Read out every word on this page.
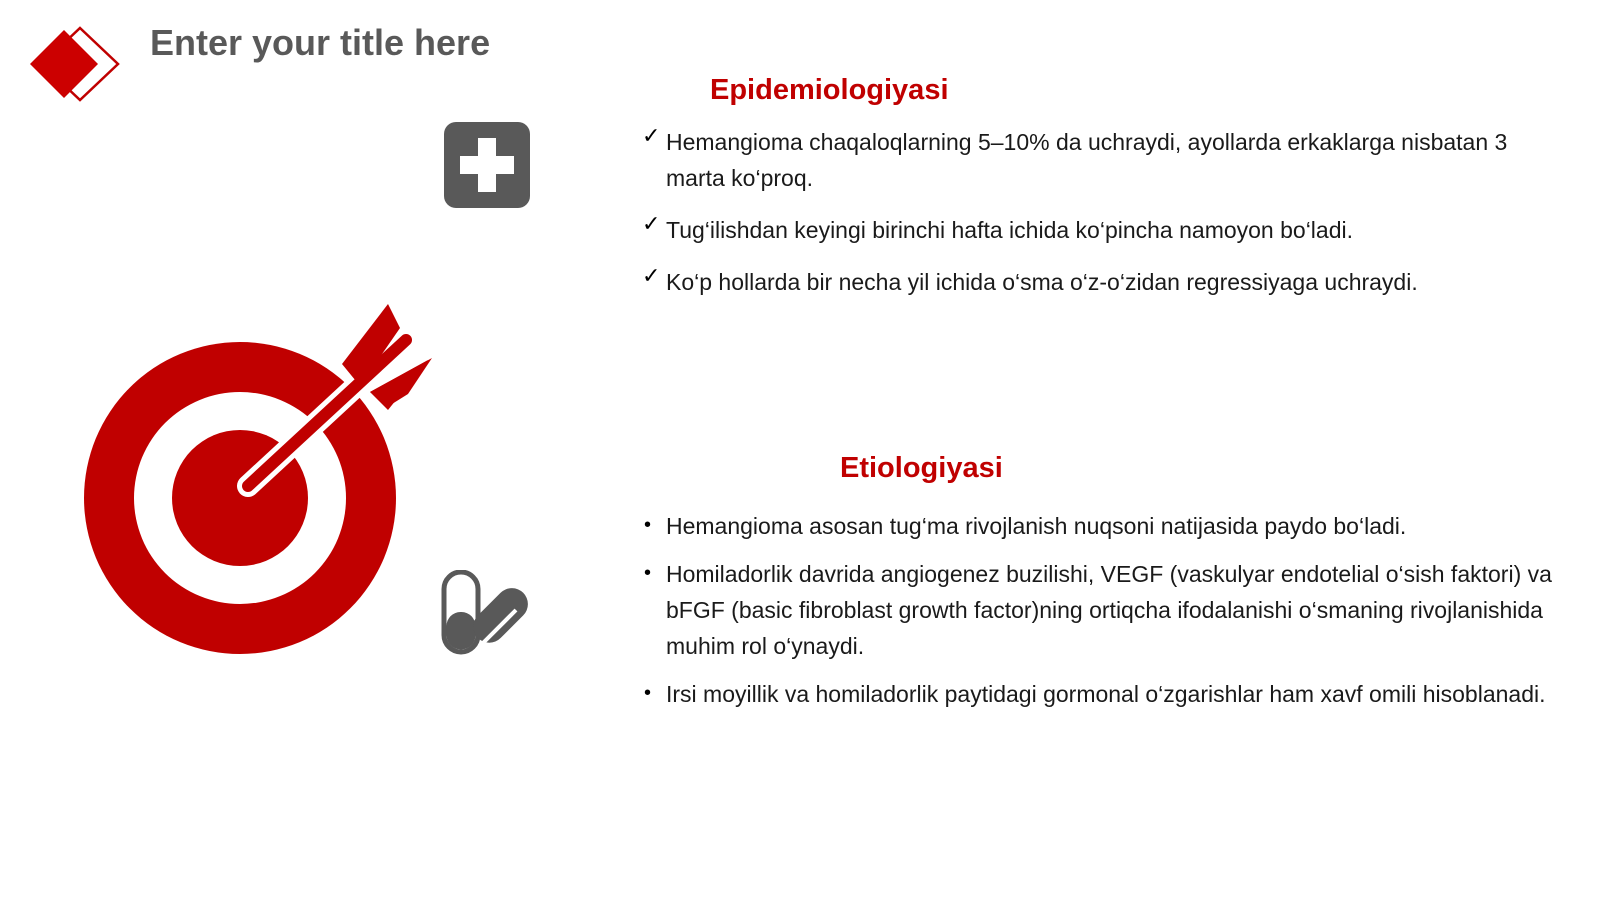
Enter your title here
Epidemiologiyasi
✓ Hemangioma chaqaloqlarning 5–10% da uchraydi, ayollarda erkaklarga nisbatan 3 marta ko‘proq.
✓ Tug‘ilishdan keyingi birinchi hafta ichida ko‘pincha namoyon bo‘ladi.
✓ Ko‘p hollarda bir necha yil ichida o‘sma o‘z-o‘zidan regressiyaga uchraydi.
Etiologiyasi
• Hemangioma asosan tug‘ma rivojlanish nuqsoni natijasida paydo bo‘ladi.
• Homiladorlik davrida angiogenez buzilishi, VEGF (vaskulyar endotelial o‘sish faktori) va bFGF (basic fibroblast growth factor)ning ortiqcha ifodalanishi o‘smaning rivojlanishida muhim rol o‘ynaydi.
• Irsi moyillik va homiladorlik paytidagi gormonal o‘zgarishlar ham xavf omili hisoblanadi.
